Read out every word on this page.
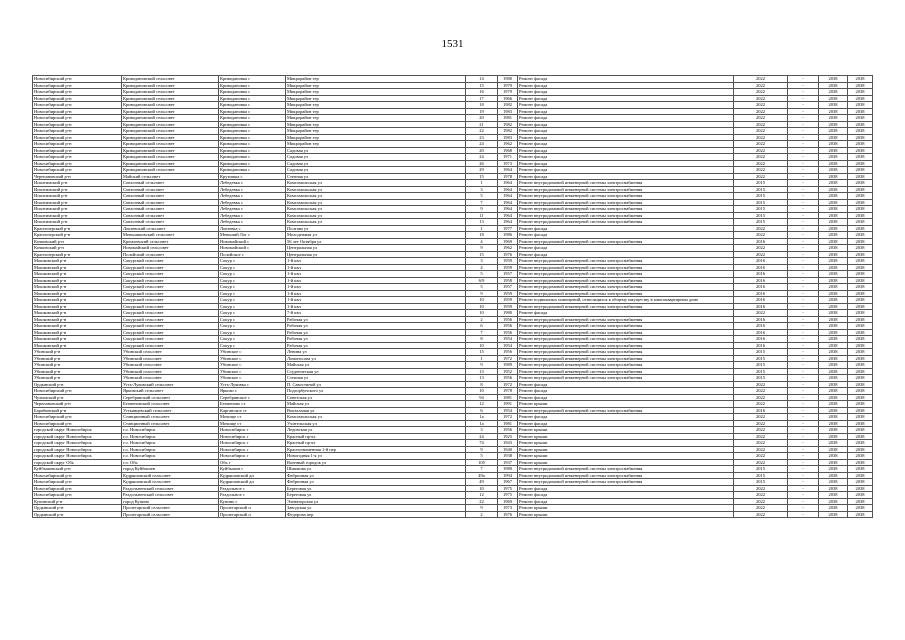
1531
Новосибирский р-н	Криводановский сельсовет	Криводановка с	Микрорайон тер	14	1980	Ремонт фасада	2022	-	2038	2038
Новосибирский р-н	Криводановский сельсовет	Криводановка с	Микрорайон тер	15	1979	Ремонт фасада	2022	-	2038	2038
Новосибирский р-н	Криводановский сельсовет	Криводановка с	Микрорайон тер	16	1979	Ремонт фасада	2022	-	2038	2038
Новосибирский р-н	Криводановский сельсовет	Криводановка с	Микрорайон тер	17	1966	Ремонт фасада	2022	-	2038	2038
Новосибирский р-н	Криводановский сельсовет	Криводановка с	Микрорайон тер	18	1982	Ремонт фасада	2022	-	2038	2038
Новосибирский р-н	Криводановский сельсовет	Криводановка с	Микрорайон тер	19	1983	Ремонт фасада	2022	-	2038	2038
Новосибирский р-н	Криводановский сельсовет	Криводановка с	Микрорайон тер	20	1981	Ремонт фасада	2022	-	2038	2038
Новосибирский р-н	Криводановский сельсовет	Криводановка с	Микрорайон тер	21	1982	Ремонт фасада	2022	-	2038	2038
Новосибирский р-н	Криводановский сельсовет	Криводановка с	Микрорайон тер	22	1982	Ремонт фасада	2022	-	2038	2038
Новосибирский р-н	Криводановский сельсовет	Криводановка с	Микрорайон тер	23	1983	Ремонт фасада	2022	-	2038	2038
Новосибирский р-н	Криводановский сельсовет	Криводановка с	Микрорайон тер	24	1962	Ремонт фасада	2022	-	2038	2038
Новосибирский р-н	Криводановский сельсовет	Криводановка с	Садовая ул	20	1968	Ремонт фасада	2022	-	2038	2038
Новосибирский р-н	Криводановский сельсовет	Криводановка с	Садовая ул	24	1971	Ремонт фасада	2022	-	2038	2038
Новосибирский р-н	Криводановский сельсовет	Криводановка с	Садовая ул	26	1973	Ремонт фасада	2022	-	2038	2038
Новосибирский р-н	Криводановский сельсовет	Криводановка с	Садовая ул	29	1964	Ремонт фасада	2022	-	2038	2038
Черепановский р-н	Майский сельсовет	Крутишка с	Степная ул	15	1978	Ремонт фасада	2022	-	2038	2038
Искитимский р-н	Совхозный сельсовет	Лебедевка с	Комсомольская ул	1	1964	Ремонт внутридомовой инженерной системы электроснабжения	2015	-	2038	2038
Искитимский р-н	Совхозный сельсовет	Лебедевка с	Комсомольская ул	3	1964	Ремонт внутридомовой инженерной системы электроснабжения	2015	-	2038	2038
Искитимский р-н	Совхозный сельсовет	Лебедевка с	Комсомольская ул	5	1964	Ремонт внутридомовой инженерной системы электроснабжения	2015	-	2038	2038
Искитимский р-н	Совхозный сельсовет	Лебедевка с	Комсомольская ул	7	1964	Ремонт внутридомовой инженерной системы электроснабжения	2015	-	2038	2038
Искитимский р-н	Совхозный сельсовет	Лебедевка с	Комсомольская ул	9	1964	Ремонт внутридомовой инженерной системы электроснабжения	2015	-	2038	2038
Искитимский р-н	Совхозный сельсовет	Лебедевка с	Комсомольская ул	11	1964	Ремонт внутридомовой инженерной системы электроснабжения	2015	-	2038	2038
Искитимский р-н	Совхозный сельсовет	Лебедевка с	Комсомольская ул	13	1964	Ремонт внутридомовой инженерной системы электроснабжения	2015	-	2038	2038
Краснозерский р-н	Локтевский сельсовет	Локтевка с	Полтава ул	1	1977	Ремонт фасада	2022	-	2038	2038
Краснозерский р-н	Меньшиковский сельсовет	Меньший Лог с	Молодежная ул	18	1986	Ремонт фасада	2022	-	2038	2038
Кочковский р-н	Кремлевский сельсовет	Новомайский с	56 лет Октября ул	4	1969	Ремонт внутридомовой инженерной системы электроснабжения	2016	-	2038	2038
Кочковский р-н	Новомайский сельсовет	Новомайский с	Центральная ул	9	1962	Ремонт фасада	2022	-	2038	2038
Краснозерский р-н	Полойский сельсовет	Полойское с	Центральная ул	15	1976	Ремонт фасада	2022	-	2038	2038
Мошковский р-н	Сокурский сельсовет	Сокур с	1-й квл	3	1959	Ремонт внутридомовой инженерной системы электроснабжения	2016	-	2038	2038
Мошковский р-н	Сокурский сельсовет	Сокур с	1-й квл	4	1959	Ремонт внутридомовой инженерной системы электроснабжения	2016	-	2038	2038
Мошковский р-н	Сокурский сельсовет	Сокур с	1-й квл	5	1957	Ремонт внутридомовой инженерной системы электроснабжения	2016	-	2038	2038
Мошковский р-н	Сокурский сельсовет	Сокур с	1-й квл	6/9	1958	Ремонт внутридомовой инженерной системы электроснабжения	2016	-	2038	2038
Мошковский р-н	Сокурский сельсовет	Сокур с	1-й квл	5	1957	Ремонт внутридомовой инженерной системы электроснабжения	2016	-	2038	2038
Мошковский р-н	Сокурский сельсовет	Сокур с	1-й квл	9	1959	Ремонт внутридомовой инженерной системы электроснабжения	2016	-	2038	2038
Мошковский р-н	Сокурский сельсовет	Сокур с	1-й квл	10	1959	Ремонт подвальных помещений, относящихся к общему имуществу в многоквартирном доме	2016	-	2038	2038
Мошковский р-н	Сокурский сельсовет	Сокур с	1-й квл	10	1959	Ремонт внутридомовой инженерной системы электроснабжения	2016	-	2038	2038
Мошковский р-н	Сокурский сельсовет	Сокур с	7-й квл	10	1980	Ремонт фасада	2022	-	2038	2038
Мошковский р-н	Сокурский сельсовет	Сокур с	Рабочая ул	2	1956	Ремонт внутридомовой инженерной системы электроснабжения	2016	-	2038	2038
Мошковский р-н	Сокурский сельсовет	Сокур с	Рабочая ул	6	1956	Ремонт внутридомовой инженерной системы электроснабжения	2016	-	2038	2038
Мошковский р-н	Сокурский сельсовет	Сокур с	Рабочая ул	7	1956	Ремонт внутридомовой инженерной системы электроснабжения	2016	-	2038	2038
Мошковский р-н	Сокурский сельсовет	Сокур с	Рабочая ул	8	1954	Ремонт внутридомовой инженерной системы электроснабжения	2016	-	2038	2038
Мошковский р-н	Сокурский сельсовет	Сокур с	Рабочая ул	10	1954	Ремонт внутридомовой инженерной системы электроснабжения	2016	-	2038	2038
Убинский р-н	Убинский сельсовет	Убинское с	Ленина ул	15	1956	Ремонт внутридомовой инженерной системы электроснабжения	2015	-	2038	2038
Убинский р-н	Убинский сельсовет	Убинское с	Ломоносова ул	1	1972	Ремонт внутридомовой инженерной системы электроснабжения	2015	-	2038	2038
Убинский р-н	Убинский сельсовет	Убинское с	Майская ул	9	1989	Ремонт внутридомовой инженерной системы электроснабжения	2015	-	2038	2038
Убинский р-н	Убинский сельсовет	Убинское с	Студенческая ул	13	1952	Ремонт внутридомовой инженерной системы электроснабжения	2015	-	2038	2038
Убинский р-н	Убинский сельсовет	Убинское с	Степная ул	13	1956	Ремонт внутридомовой инженерной системы электроснабжения	2015	-	2038	2038
Ордынский р-н	Усть-Луковский сельсовет	Усть-Луковка с	П. Савостиной ул	8	1972	Ремонт фасада	2022	-	2038	2038
Новосибирский р-н	Ярковский сельсовет	Ярково с	Подгорбунского ул	10	1978	Ремонт фасада	2022	-	2038	2038
Чулымский р-н	Серебрянский сельсовет	Серебрянское с	Советская ул	94	1981	Ремонт фасада	2022	-	2038	2038
Черепановский р-н	Безменовский сельсовет	Безменово ст	Майская ул	12	1991	Ремонт крыши	2022	-	2038	2038
Барабинский р-н	Устьянцевский сельсовет	Карганское ст	Вокзальная ул	6	1954	Ремонт внутридомовой инженерной системы электроснабжения	2016	-	2038	2038
Новосибирский р-н	Станционный сельсовет	Мочище ст	Комсомольская ул	1а	1972	Ремонт фасада	2022	-	2038	2038
Новосибирский р-н	Станционный сельсовет	Мочище ст	Учительская ул	1а	1981	Ремонт фасада	2022	-	2038	2038
городской округ Новосибирск	г.о. Новосибирск	Новосибирск г	Ледовская ул	3	1956	Ремонт крыши	2022	-	2038	2038
городской округ Новосибирск	г.о. Новосибирск	Новосибирск г	Красный пр-кт	24	1925	Ремонт крыши	2022	-	2038	2038
городской округ Новосибирск	г.о. Новосибирск	Новосибирск г	Красный пр-кт	74	1943	Ремонт крыши	2022	-	2038	2038
городской округ Новосибирск	г.о. Новосибирск	Новосибирск г	Краснознаменная 1-й пер	9	1940	Ремонт крыши	2022	-	2038	2038
городской округ Новосибирск	г.о. Новосибирск	Новосибирск г	Новогодняя 1-я ул	5	1938	Ремонт крыши	2022	-	2038	2038
городской округ Обь	г.о. Обь	Обь г	Военный городок ул	105	1937	Ремонт крыши	2022	-	2038	2038
Куйбышевский р-н	город Куйбышев	Куйбышев г	Шишкова ул	7	1980	Ремонт внутридомовой инженерной системы электроснабжения	2015	-	2038	2038
Новосибирский р-н	Кудряшовский сельсовет	Кудряшовский дп	Фабричная ул	49а	1994	Ремонт внутридомовой инженерной системы электроснабжения	2015	-	2038	2038
Новосибирский р-н	Кудряшовский сельсовет	Кудряшовский дп	Фабричная ул	49	1967	Ремонт внутридомовой инженерной системы электроснабжения	2015	-	2038	2038
Новосибирский р-н	Раздольненский сельсовет	Раздольное с	Береговая ул	10	1975	Ремонт фасада	2022	-	2038	2038
Новосибирский р-н	Раздольненский сельсовет	Раздольное с	Береговая ул	12	1975	Ремонт фасада	2022	-	2038	2038
Купинский р-н	город Купино	Купино г	Элеваторская ул	22	1969	Ремонт фасада	2022	-	2038	2038
Ордынский р-н	Пролетарский сельсовет	Пролетарский п	Заводская ул	9	1973	Ремонт крыши	2022	-	2038	2038
Ордынский р-н	Пролетарский сельсовет	Пролетарский п	Федорова пер	2	1976	Ремонт крыши	2022	-	2038	2038
